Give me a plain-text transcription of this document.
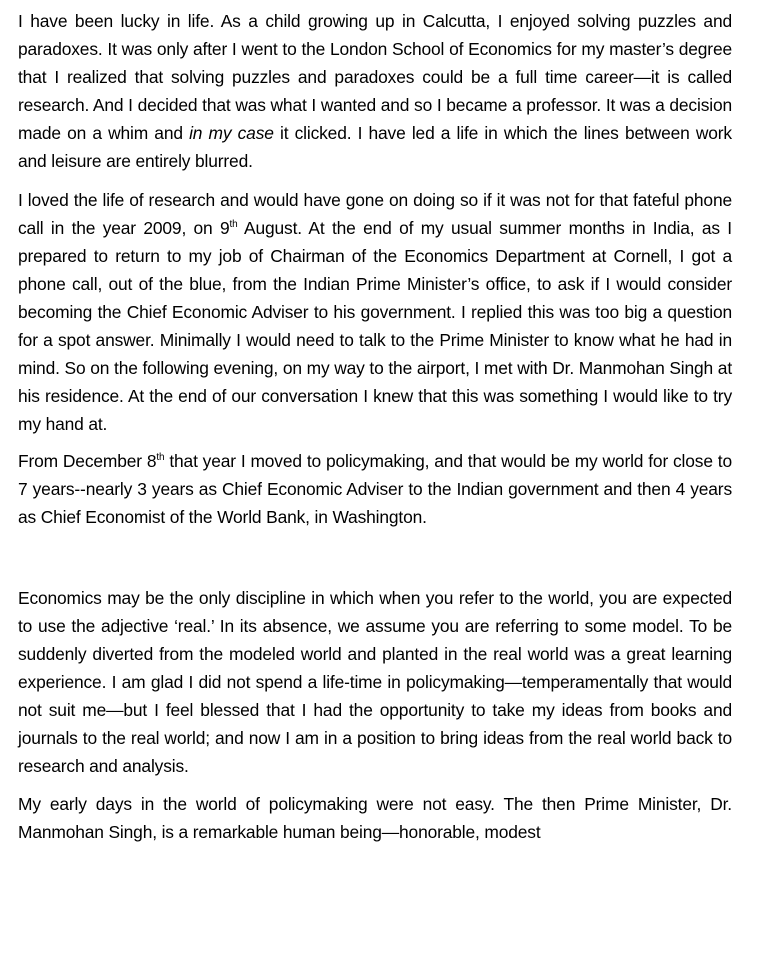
I have been lucky in life. As a child growing up in Calcutta, I enjoyed solving puzzles and paradoxes. It was only after I went to the London School of Economics for my master’s degree that I realized that solving puzzles and paradoxes could be a full time career—it is called research. And I decided that was what I wanted and so I became a professor. It was a decision made on a whim and in my case it clicked. I have led a life in which the lines between work and leisure are entirely blurred.

I loved the life of research and would have gone on doing so if it was not for that fateful phone call in the year 2009, on 9th August. At the end of my usual summer months in India, as I prepared to return to my job of Chairman of the Economics Department at Cornell, I got a phone call, out of the blue, from the Indian Prime Minister’s office, to ask if I would consider becoming the Chief Economic Adviser to his government. I replied this was too big a question for a spot answer. Minimally I would need to talk to the Prime Minister to know what he had in mind. So on the following evening, on my way to the airport, I met with Dr. Manmohan Singh at his residence. At the end of our conversation I knew that this was something I would like to try my hand at.

From December 8th that year I moved to policymaking, and that would be my world for close to 7 years--nearly 3 years as Chief Economic Adviser to the Indian government and then 4 years as Chief Economist of the World Bank, in Washington.

Economics may be the only discipline in which when you refer to the world, you are expected to use the adjective ‘real.’ In its absence, we assume you are referring to some model. To be suddenly diverted from the modeled world and planted in the real world was a great learning experience. I am glad I did not spend a life-time in policymaking—temperamentally that would not suit me—but I feel blessed that I had the opportunity to take my ideas from books and journals to the real world; and now I am in a position to bring ideas from the real world back to research and analysis.

My early days in the world of policymaking were not easy. The then Prime Minister, Dr. Manmohan Singh, is a remarkable human being—honorable, modest
